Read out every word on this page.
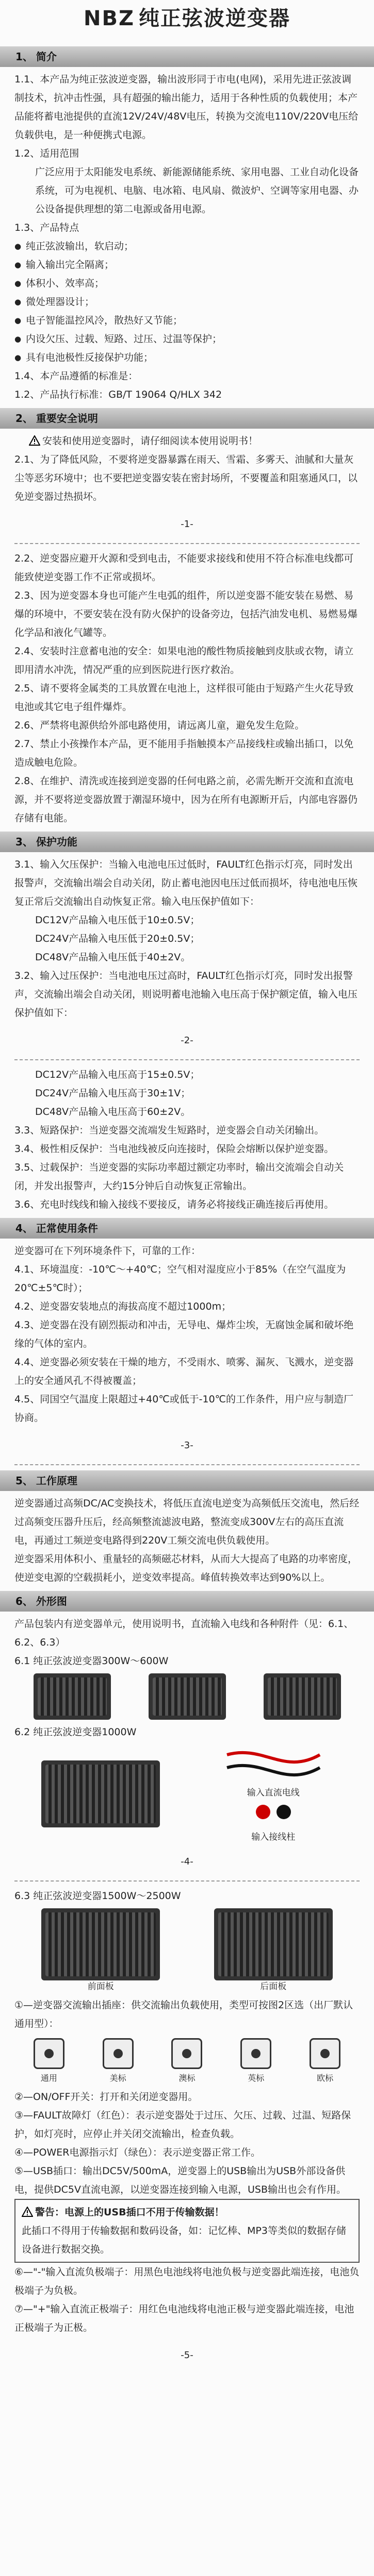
NBZ 纯正弦波逆变器
1、 简介

1.1、本产品为纯正弦波逆变器，输出波形同于市电(电网)，采用先进正弦波调制技术，抗冲击性强，具有超强的输出能力，适用于各种性质的负载使用；本产品能将蓄电池提供的直流12V/24V/48V电压，转换为交流电110V/220V电压给负载供电，是一种便携式电源。

1.2、适用范围

广泛应用于太阳能发电系统、新能源储能系统、家用电器、工业自动化设备系统，可为电视机、电脑、电冰箱、电风扇、微波炉、空调等家用电器、办公设备提供理想的第二电源或备用电源。

1.3、产品特点

● 纯正弦波输出，软启动；
● 输入输出完全隔离；
● 体积小、效率高；
● 微处理器设计；
● 电子智能温控风冷，散热好又节能；
● 内设欠压、过载、短路、过压、过温等保护；
● 具有电池极性反接保护功能；

1.4、本产品遵循的标准是：

1.2、产品执行标准：GB/T 19064 Q/HLX 342

2、 重要安全说明

安装和使用逆变器时，请仔细阅读本使用说明书！

2.1、为了降低风险，不要将逆变器暴露在雨天、雪霜、多雾天、油腻和大量灰尘等恶劣环境中；也不要把逆变器安装在密封场所，不要覆盖和阻塞通风口，以免逆变器过热损坏。

-1-

2.2、逆变器应避开火源和受到电击，不能要求接线和使用不符合标准电线都可能致使逆变器工作不正常或损坏。

2.3、因为逆变器本身也可能产生电弧的组件，所以逆变器不能安装在易燃、易爆的环境中，不要安装在没有防火保护的设备旁边，包括汽油发电机、易燃易爆化学品和液化气罐等。

2.4、安装时注意蓄电池的安全：如果电池的酸性物质接触到皮肤或衣物，请立即用清水冲洗，情况严重的应到医院进行医疗救治。

2.5、请不要将金属类的工具放置在电池上，这样很可能由于短路产生火花导致电池或其它电子组件爆炸。

2.6、严禁将电源供给外部电路使用，请远离儿童，避免发生危险。

2.7、禁止小孩操作本产品，更不能用手指触摸本产品接线柱或输出插口，以免造成触电危险。

2.8、在维护、清洗或连接到逆变器的任何电路之前，必需先断开交流和直流电源，并不要将逆变器放置于潮湿环境中，因为在所有电源断开后，内部电容器仍存储有电能。

3、 保护功能

3.1、输入欠压保护：当输入电池电压过低时，FAULT红色指示灯亮，同时发出报警声，交流输出端会自动关闭，防止蓄电池因电压过低而损坏，待电池电压恢复正常后交流输出自动恢复正常。输入电压保护值如下：

DC12V产品输入电压低于10±0.5V；

DC24V产品输入电压低于20±0.5V；

DC48V产品输入电压低于40±2V。

3.2、输入过压保护：当电池电压过高时，FAULT红色指示灯亮，同时发出报警声，交流输出端会自动关闭，则说明蓄电池输入电压高于保护额定值，输入电压保护值如下：

-2-

DC12V产品输入电压高于15±0.5V；

DC24V产品输入电压高于30±1V；

DC48V产品输入电压高于60±2V。

3.3、短路保护：当逆变器交流端发生短路时，逆变器会自动关闭输出。

3.4、极性相反保护：当电池线被反向连接时，保险会熔断以保护逆变器。

3.5、过载保护：当逆变器的实际功率超过额定功率时，输出交流端会自动关闭，并发出报警声，大约15分钟后自动恢复正常输出。

3.6、充电时线线和输入接线不要接反，请务必将接线正确连接后再使用。

4、 正常使用条件

逆变器可在下列环境条件下，可靠的工作：

4.1、环境温度：-10℃～+40℃；空气相对湿度应小于85%（在空气温度为20℃±5℃时）；

4.2、逆变器安装地点的海拔高度不超过1000m；

4.3、逆变器在没有剧烈振动和冲击，无导电、爆炸尘埃，无腐蚀金属和破坏绝缘的气体的室内。

4.4、逆变器必须安装在干燥的地方，不受雨水、喷雾、漏灰、飞溅水，逆变器上的安全通风孔不得被覆盖；

4.5、同国空气温度上限超过+40℃或低于-10℃的工作条件，用户应与制造厂协商。

-3-
5、 工作原理

逆变器通过高频DC/AC变换技术，将低压直流电逆变为高频低压交流电，然后经过高频变压器升压后，经高频整流滤波电路，整流变成300V左右的高压直流电，再通过工频逆变电路得到220V工频交流电供负载使用。

逆变器采用体积小、重量轻的高频磁芯材料，从而大大提高了电路的功率密度，使逆变电源的空载损耗小，逆变效率提高。峰值转换效率达到90%以上。

6、 外形图

产品包装内有逆变器单元，使用说明书，直流输入电线和各种附件（见：6.1、6.2、6.3）

6.1 纯正弦波逆变器300W～600W

6.2 纯正弦波逆变器1000W

输入直流电线
输入接线柱
-4-

6.3 纯正弦波逆变器1500W～2500W

前面板	后面板

①—逆变器交流输出插座：供交流输出负载使用，类型可按图2区选（出厂默认通用型）：

通用	美标	澳标	英标	欧标

②—ON/OFF开关：打开和关闭逆变器用。

③—FAULT故障灯（红色）：表示逆变器处于过压、欠压、过载、过温、短路保护，如灯亮时，应停止并关闭交流输出，检查负载。

④—POWER电源指示灯（绿色）：表示逆变器正常工作。

⑤—USB插口：输出DC5V/500mA，逆变器上的USB输出为USB外部设备供电，提供DC5V直流电源，以逆变器连接到输入电源，USB输出也会有作用。

警告：电源上的USB插口不用于传输数据！

此插口不得用于传输数据和数码设备，如：记忆棒、MP3等类似的数据存储设备进行数据交换。

⑥—"-"输入直流负极端子：用黑色电池线将电池负极与逆变器此端连接，电池负极端子为负极。

⑦—"+"输入直流正极端子：用红色电池线将电池正极与逆变器此端连接，电池正极端子为正极。

-5-
